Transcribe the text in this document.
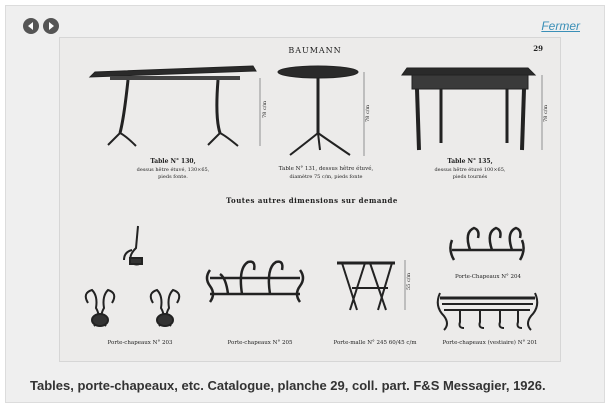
Fermer
BAUMANN	29
78 c/m
Table N° 130,
dessus hêtre étuvé, 130×65,
pieds fonte.
78 c/m
Table N° 131, dessus hêtre étuvé,
diamètre 75 c/m, pieds fonte
78 c/m
Table N° 135,
dessus hêtre étuvé 100×65,
pieds tournés
Toutes autres dimensions sur demande
Porte-chapeaux N° 203	Porte-chapeaux N° 205
55 c/m
Porte-malle N° 245 60/45 c/m
Porte-Chapeaux N° 204
Porte-chapeaux (vestiaire) N° 201
Tables, porte-chapeaux, etc. Catalogue, planche 29, coll. part. F&S Messagier, 1926.
